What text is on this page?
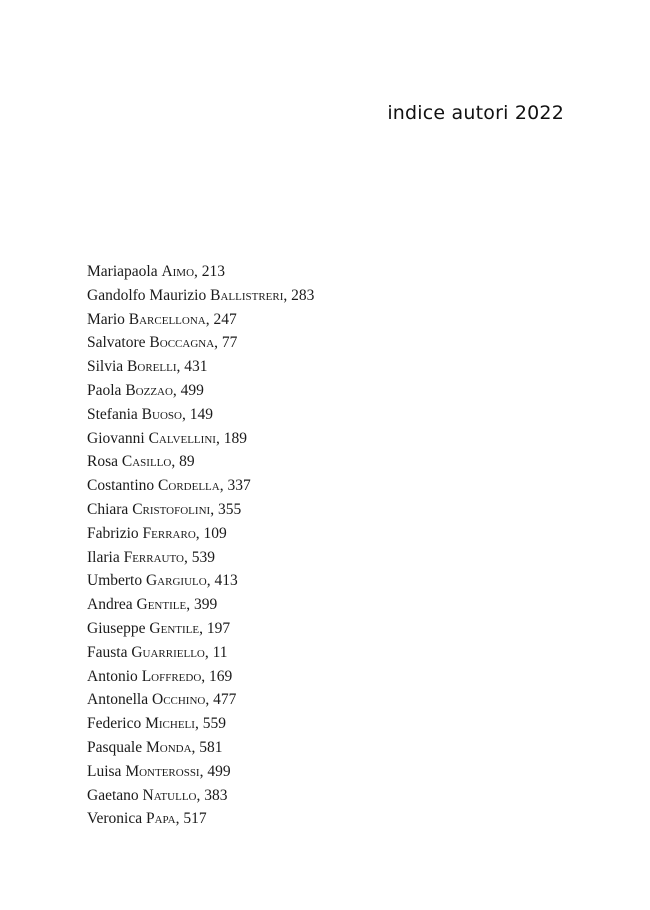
indice autori 2022
Mariapaola Aimo, 213
Gandolfo Maurizio Ballistreri, 283
Mario Barcellona, 247
Salvatore Boccagna, 77
Silvia Borelli, 431
Paola Bozzao, 499
Stefania Buoso, 149
Giovanni Calvellini, 189
Rosa Casillo, 89
Costantino Cordella, 337
Chiara Cristofolini, 355
Fabrizio Ferraro, 109
Ilaria Ferrauto, 539
Umberto Gargiulo, 413
Andrea Gentile, 399
Giuseppe Gentile, 197
Fausta Guarriello, 11
Antonio Loffredo, 169
Antonella Occhino, 477
Federico Micheli, 559
Pasquale Monda, 581
Luisa Monterossi, 499
Gaetano Natullo, 383
Veronica Papa, 517
